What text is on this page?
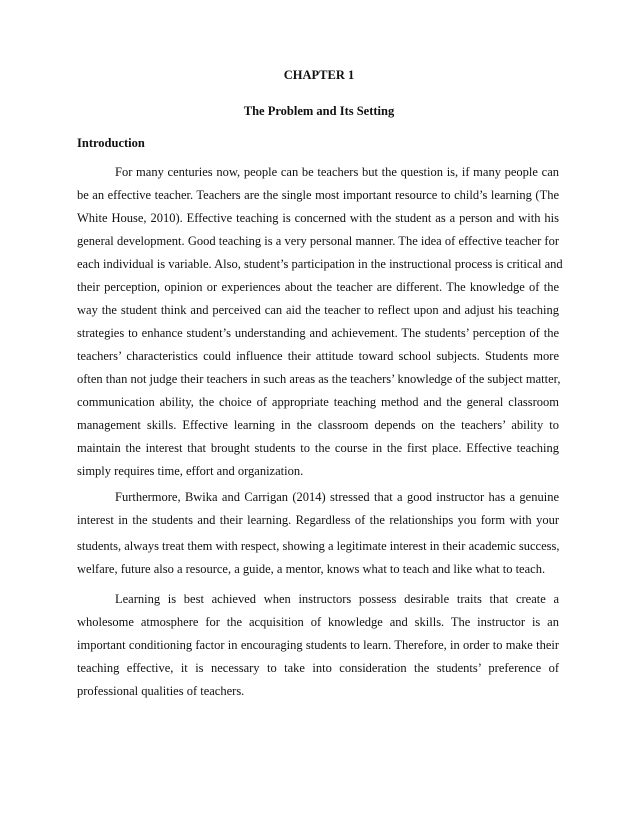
CHAPTER 1
The Problem and Its Setting
Introduction
For many centuries now, people can be teachers but the question is, if many people can
be an effective teacher. Teachers are the single most important resource to child’s learning (The
White House, 2010). Effective teaching is concerned with the student as a person and with his
general development. Good teaching is a very personal manner. The idea of effective teacher for
each individual is variable. Also, student’s participation in the instructional process is critical and
their perception, opinion or experiences about the teacher are different. The knowledge of the
way the student think and perceived can aid the teacher to reflect upon and adjust his teaching
strategies to enhance student’s understanding and achievement. The students’ perception of the
teachers’ characteristics could influence their attitude toward school subjects. Students more
often than not judge their teachers in such areas as the teachers’ knowledge of the subject matter,
communication ability, the choice of appropriate teaching method and the general classroom
management skills. Effective learning in the classroom depends on the teachers’ ability to
maintain the interest that brought students to the course in the first place. Effective teaching
simply requires time, effort and organization.
Furthermore, Bwika and Carrigan (2014) stressed that a good instructor has a genuine
interest in the students and their learning. Regardless of the relationships you form with your
students, always treat them with respect, showing a legitimate interest in their academic success,
welfare, future also a resource, a guide, a mentor, knows what to teach and like what to teach.
Learning is best achieved when instructors possess desirable traits that create a
wholesome atmosphere for the acquisition of knowledge and skills. The instructor is an
important conditioning factor in encouraging students to learn. Therefore, in order to make their
teaching effective, it is necessary to take into consideration the students’ preference of
professional qualities of teachers.
